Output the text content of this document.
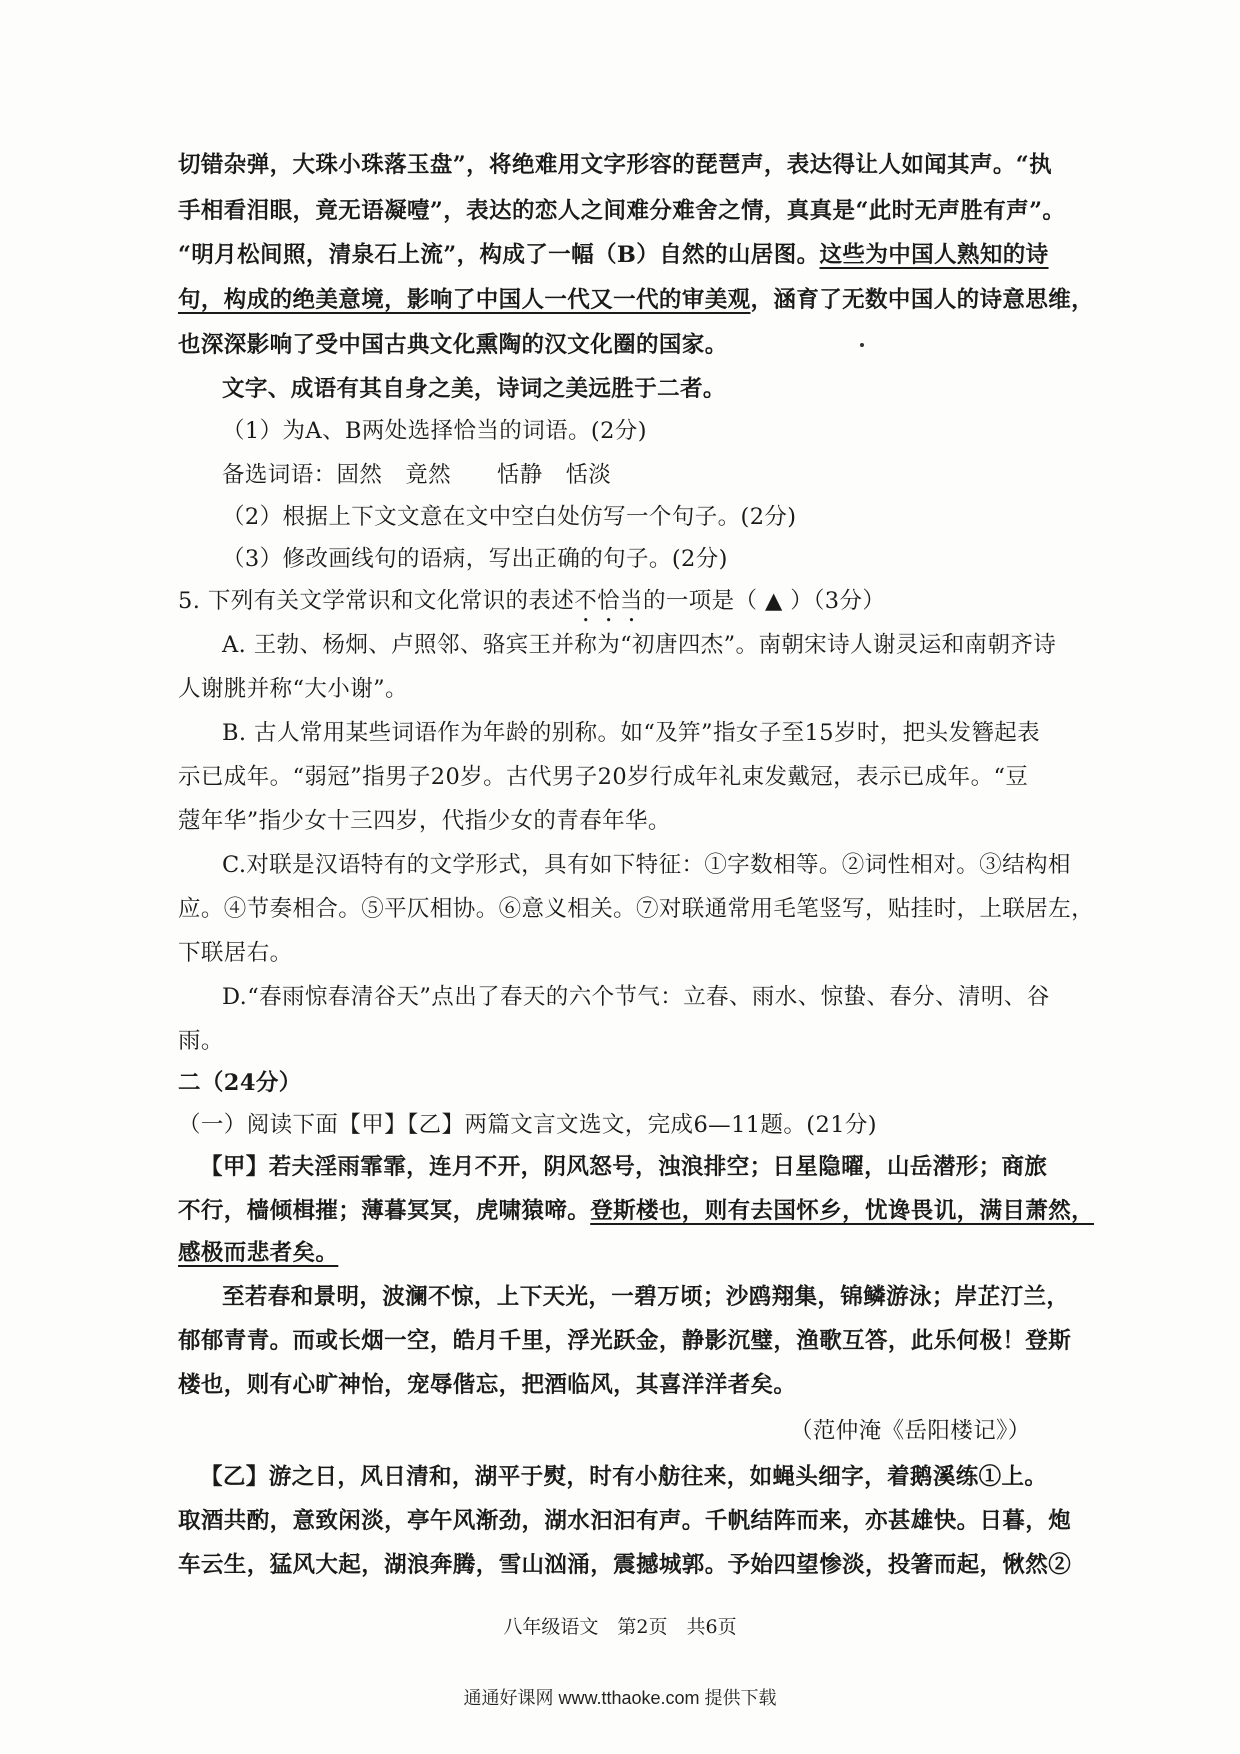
切错杂弹，大珠小珠落玉盘”，将绝难用文字形容的琵琶声，表达得让人如闻其声。“执
手相看泪眼，竟无语凝噎”，表达的恋人之间难分难舍之情，真真是“此时无声胜有声”。
“明月松间照，清泉石上流”，构成了一幅（B）自然的山居图。这些为中国人熟知的诗
句，构成的绝美意境，影响了中国人一代又一代的审美观，涵育了无数中国人的诗意思维，
也深深影响了受中国古典文化熏陶的汉文化圈的国家。
文字、成语有其自身之美，诗词之美远胜于二者。
（1）为A、B两处选择恰当的词语。(2分)
备选词语：固然　竟然　　恬静　恬淡
（2）根据上下文文意在文中空白处仿写一个句子。(2分)
（3）修改画线句的语病，写出正确的句子。(2分)
5. 下列有关文学常识和文化常识的表述不恰当的一项是（ ▲ ）（3分）
A. 王勃、杨炯、卢照邻、骆宾王并称为“初唐四杰”。南朝宋诗人谢灵运和南朝齐诗
人谢朓并称“大小谢”。
B. 古人常用某些词语作为年龄的别称。如“及笄”指女子至15岁时，把头发簪起表
示已成年。“弱冠”指男子20岁。古代男子20岁行成年礼束发戴冠，表示已成年。“豆
蔻年华”指少女十三四岁，代指少女的青春年华。
C.对联是汉语特有的文学形式，具有如下特征：①字数相等。②词性相对。③结构相
应。④节奏相合。⑤平仄相协。⑥意义相关。⑦对联通常用毛笔竖写，贴挂时，上联居左，
下联居右。
D.“春雨惊春清谷天”点出了春天的六个节气：立春、雨水、惊蛰、春分、清明、谷
雨。
二（24分）
（一）阅读下面【甲】【乙】两篇文言文选文，完成6—11题。(21分)
【甲】若夫淫雨霏霏，连月不开，阴风怒号，浊浪排空；日星隐曜，山岳潜形；商旅
不行，樯倾楫摧；薄暮冥冥，虎啸猿啼。登斯楼也，则有去国怀乡，忧谗畏讥，满目萧然，
感极而悲者矣。
至若春和景明，波澜不惊，上下天光，一碧万顷；沙鸥翔集，锦鳞游泳；岸芷汀兰，
郁郁青青。而或长烟一空，皓月千里，浮光跃金，静影沉璧，渔歌互答，此乐何极！登斯
楼也，则有心旷神怡，宠辱偕忘，把酒临风，其喜洋洋者矣。
（范仲淹《岳阳楼记》）
【乙】游之日，风日清和，湖平于熨，时有小舫往来，如蝇头细字，着鹅溪练①上。
取酒共酌，意致闲淡，亭午风渐劲，湖水汩汩有声。千帆结阵而来，亦甚雄快。日暮，炮
车云生，猛风大起，湖浪奔腾，雪山汹涌，震撼城郭。予始四望惨淡，投箸而起，愀然②
八年级语文　第2页　共6页
通通好课网 www.tthaoke.com 提供下载
